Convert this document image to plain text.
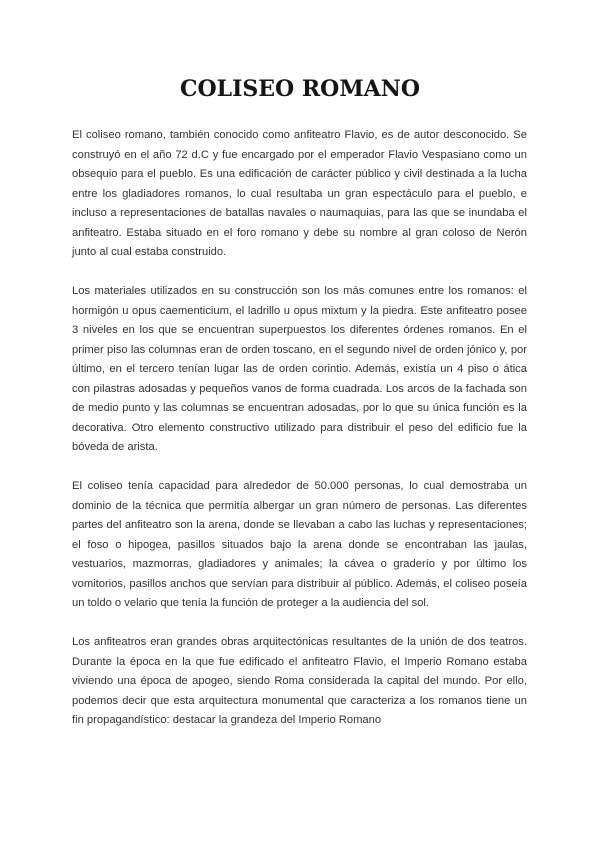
COLISEO ROMANO

El coliseo romano, también conocido como anfiteatro Flavio, es de autor desconocido. Se construyó en el año 72 d.C y fue encargado por el emperador Flavio Vespasiano como un obsequio para el pueblo. Es una edificación de carácter público y civil destinada a la lucha entre los gladiadores romanos, lo cual resultaba un gran espectáculo para el pueblo, e incluso a representaciones de batallas navales o naumaquias, para las que se inundaba el anfiteatro. Estaba situado en el foro romano y debe su nombre al gran coloso de Nerón junto al cual estaba construido.

Los materiales utilizados en su construcción son los más comunes entre los romanos: el hormigón u opus caementicium, el ladrillo u opus mixtum y la piedra. Este anfiteatro posee 3 niveles en los que se encuentran superpuestos los diferentes órdenes romanos. En el primer piso las columnas eran de orden toscano, en el segundo nivel de orden jónico y, por último, en el tercero tenían lugar las de orden corintio. Además, existía un 4 piso o ática con pilastras adosadas y pequeños vanos de forma cuadrada. Los arcos de la fachada son de medio punto y las columnas se encuentran adosadas, por lo que su única función es la decorativa. Otro elemento constructivo utilizado para distribuir el peso del edificio fue la bóveda de arista.

El coliseo tenía capacidad para alrededor de 50.000 personas, lo cual demostraba un dominio de la técnica que permitía albergar un gran número de personas. Las diferentes partes del anfiteatro son la arena, donde se llevaban a cabo las luchas y representaciones; el foso o hipogea, pasillos situados bajo la arena donde se encontraban las jaulas, vestuarios, mazmorras, gladiadores y animales; la cávea o graderío y por último los vomitorios, pasillos anchos que servían para distribuir al público. Además, el coliseo poseía un toldo o velario que tenía la función de proteger a la audiencia del sol.

Los anfiteatros eran grandes obras arquitectónicas resultantes de la unión de dos teatros. Durante la época en la que fue edificado el anfiteatro Flavio, el Imperio Romano estaba viviendo una época de apogeo, siendo Roma considerada la capital del mundo. Por ello, podemos decir que esta arquitectura monumental que caracteriza a los romanos tiene un fin propagandístico: destacar la grandeza del Imperio Romano
